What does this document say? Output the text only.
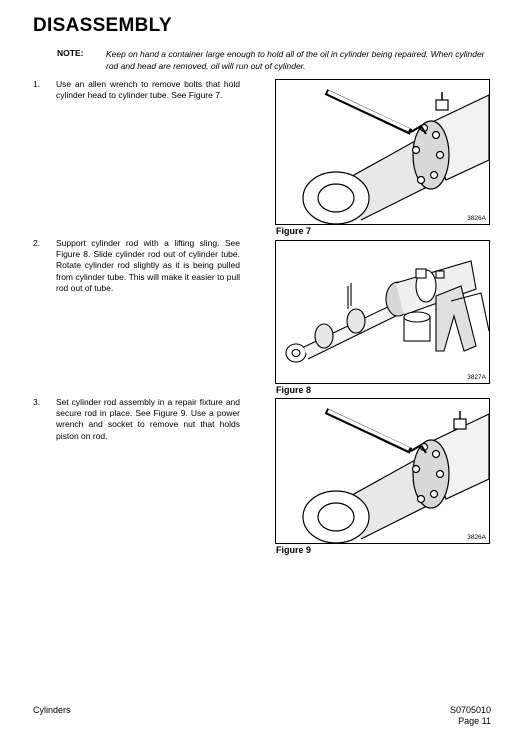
DISASSEMBLY
NOTE:	Keep on hand a container large enough to hold all of the oil in cylinder being repaired. When cylinder rod and head are removed, oil will run out of cylinder.
1. Use an allen wrench to remove bolts that hold cylinder head to cylinder tube. See Figure 7.
2. Support cylinder rod with a lifting sling. See Figure 8. Slide cylinder rod out of cylinder tube. Rotate cylinder rod slightly as it is being pulled from cylinder tube. This will make it easier to pull rod out of tube.
3. Set cylinder rod assembly in a repair fixture and secure rod in place. See Figure 9. Use a power wrench and socket to remove nut that holds piston on rod.
3826A
Figure 7
3827A
Figure 8
3826A
Figure 9
Cylinders	S0705010
Page 11
